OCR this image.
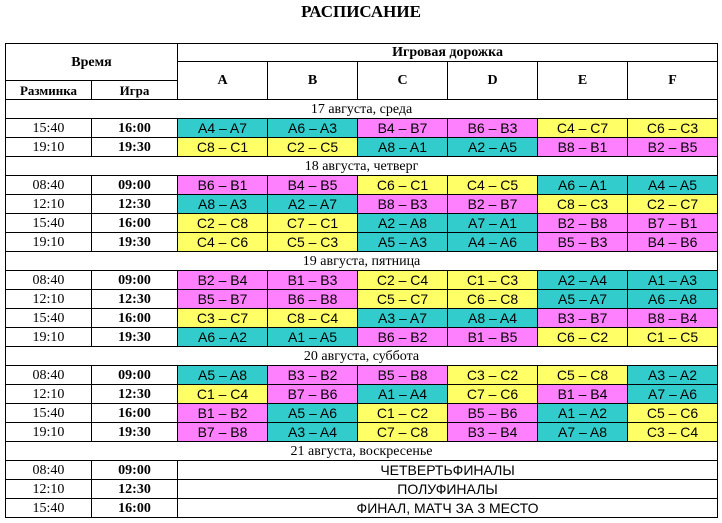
РАСПИСАНИЕ
Время		Игровая дорожка					
		A	B	C	D	E	F
Разминка	Игра						
17 августа, среда							
15:40	16:00	A4 – A7	A6 – A3	B4 – B7	B6 – B3	C4 – C7	C6 – C3
19:10	19:30	C8 – C1	C2 – C5	A8 – A1	A2 – A5	B8 – B1	B2 – B5
18 августа, четверг							
08:40	09:00	B6 – B1	B4 – B5	C6 – C1	C4 – C5	A6 – A1	A4 – A5
12:10	12:30	A8 – A3	A2 – A7	B8 – B3	B2 – B7	C8 – C3	C2 – C7
15:40	16:00	C2 – C8	C7 – C1	A2 – A8	A7 – A1	B2 – B8	B7 – B1
19:10	19:30	C4 – C6	C5 – C3	A5 – A3	A4 – A6	B5 – B3	B4 – B6
19 августа, пятница							
08:40	09:00	B2 – B4	B1 – B3	C2 – C4	C1 – C3	A2 – A4	A1 – A3
12:10	12:30	B5 – B7	B6 – B8	C5 – C7	C6 – C8	A5 – A7	A6 – A8
15:40	16:00	C3 – C7	C8 – C4	A3 – A7	A8 – A4	B3 – B7	B8 – B4
19:10	19:30	A6 – A2	A1 – A5	B6 – B2	B1 – B5	C6 – C2	C1 – C5
20 августа, суббота							
08:40	09:00	A5 – A8	B3 – B2	B5 – B8	C3 – C2	C5 – C8	A3 – A2
12:10	12:30	C1 – C4	B7 – B6	A1 – A4	C7 – C6	B1 – B4	A7 – A6
15:40	16:00	B1 – B2	A5 – A6	C1 – C2	B5 – B6	A1 – A2	C5 – C6
19:10	19:30	B7 – B8	A3 – A4	C7 – C8	B3 – B4	A7 – A8	C3 – C4
21 августа, воскресенье							
08:40	09:00	ЧЕТВЕРТЬФИНАЛЫ					
12:10	12:30	ПОЛУФИНАЛЫ					
15:40	16:00	ФИНАЛ, МАТЧ ЗА 3 МЕСТО					
